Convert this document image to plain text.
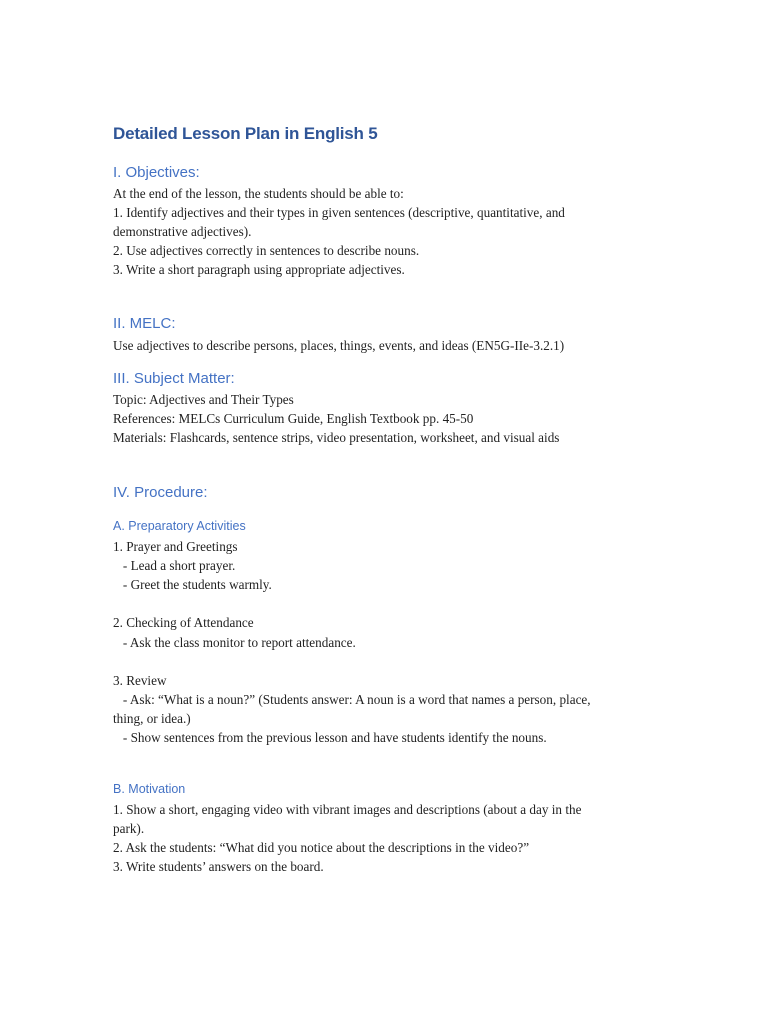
Detailed Lesson Plan in English 5
I. Objectives:
At the end of the lesson, the students should be able to:
1. Identify adjectives and their types in given sentences (descriptive, quantitative, and
demonstrative adjectives).
2. Use adjectives correctly in sentences to describe nouns.
3. Write a short paragraph using appropriate adjectives.
II. MELC:
Use adjectives to describe persons, places, things, events, and ideas (EN5G-IIe-3.2.1)
III. Subject Matter:
Topic: Adjectives and Their Types
References: MELCs Curriculum Guide, English Textbook pp. 45-50
Materials: Flashcards, sentence strips, video presentation, worksheet, and visual aids
IV. Procedure:
A. Preparatory Activities
1. Prayer and Greetings
- Lead a short prayer.
- Greet the students warmly.
2. Checking of Attendance
- Ask the class monitor to report attendance.
3. Review
- Ask: “What is a noun?” (Students answer: A noun is a word that names a person, place,
thing, or idea.)
- Show sentences from the previous lesson and have students identify the nouns.
B. Motivation
1. Show a short, engaging video with vibrant images and descriptions (about a day in the
park).
2. Ask the students: “What did you notice about the descriptions in the video?”
3. Write students’ answers on the board.
